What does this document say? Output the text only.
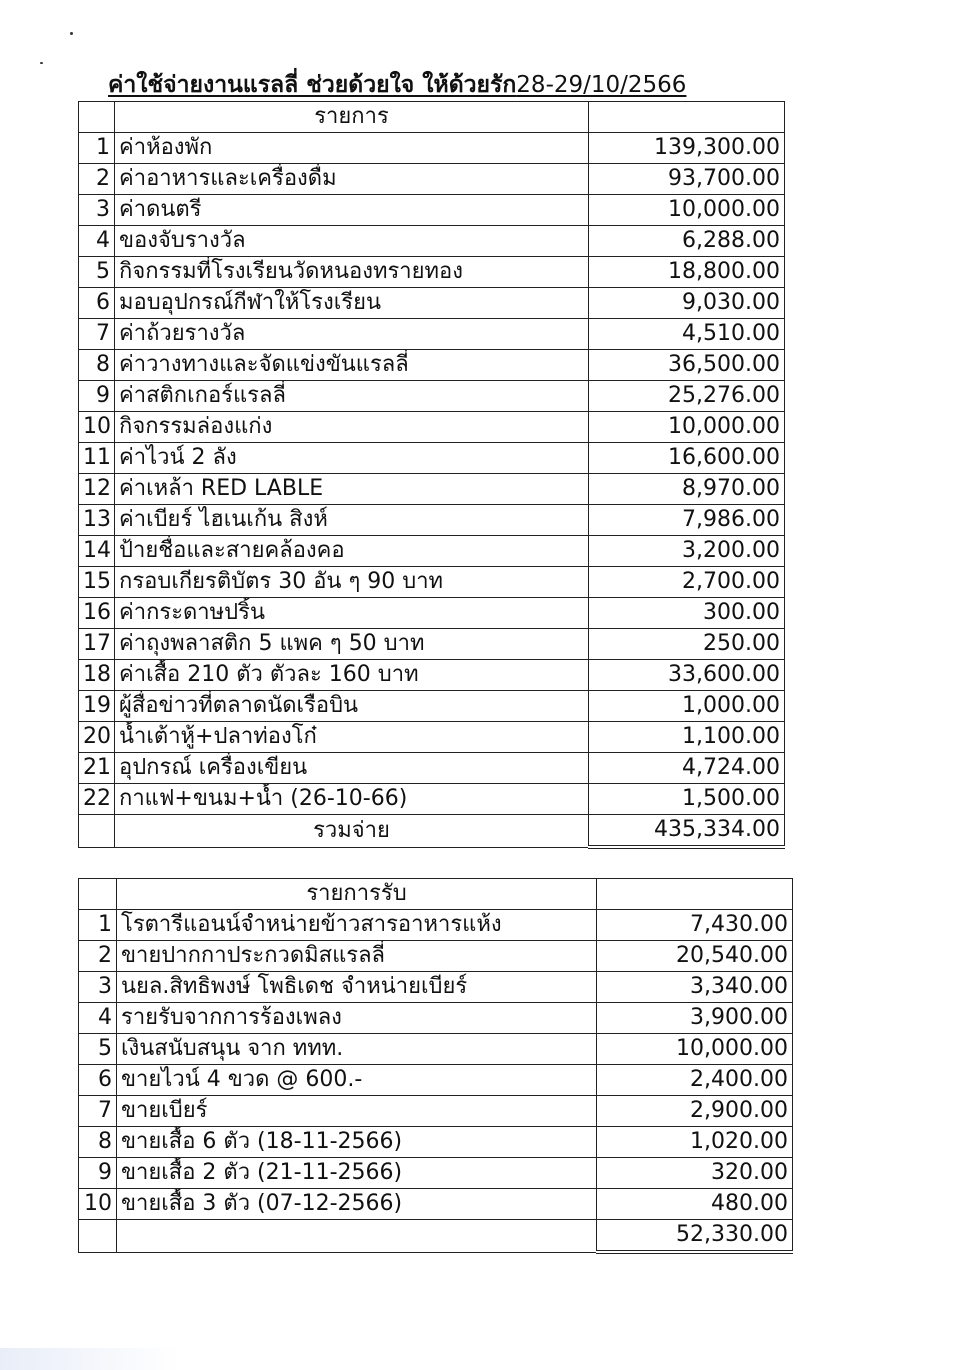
ค่าใช้จ่ายงานแรลลี่ ช่วยด้วยใจ ให้ด้วยรัก28-29/10/2566
	รายการ	
1	ค่าห้องพัก	139,300.00
2	ค่าอาหารและเครื่องดื่ม	93,700.00
3	ค่าดนตรี	10,000.00
4	ของจับรางวัล	6,288.00
5	กิจกรรมที่โรงเรียนวัดหนองทรายทอง	18,800.00
6	มอบอุปกรณ์กีฬาให้โรงเรียน	9,030.00
7	ค่าถ้วยรางวัล	4,510.00
8	ค่าวางทางและจัดแข่งขันแรลลี่	36,500.00
9	ค่าสติกเกอร์แรลลี่	25,276.00
10	กิจกรรมล่องแก่ง	10,000.00
11	ค่าไวน์ 2 ลัง	16,600.00
12	ค่าเหล้า RED LABLE	8,970.00
13	ค่าเบียร์ ไฮเนเก้น สิงห์	7,986.00
14	ป้ายชื่อและสายคล้องคอ	3,200.00
15	กรอบเกียรติบัตร 30 อัน ๆ 90 บาท	2,700.00
16	ค่ากระดาษปริ้น	300.00
17	ค่าถุงพลาสติก 5 แพค ๆ 50 บาท	250.00
18	ค่าเสื้อ 210 ตัว ตัวละ 160 บาท	33,600.00
19	ผู้สื่อข่าวที่ตลาดนัดเรือบิน	1,000.00
20	น้ำเต้าหู้+ปลาท่องโก๋	1,100.00
21	อุปกรณ์ เครื่องเขียน	4,724.00
22	กาแฟ+ขนม+น้ำ (26-10-66)	1,500.00
	รวมจ่าย	435,334.00
	รายการรับ	
1	โรตารีแอนน์จำหน่ายข้าวสารอาหารแห้ง	7,430.00
2	ขายปากกาประกวดมิสแรลลี่	20,540.00
3	นยล.สิทธิพงษ์ โพธิเดช จำหน่ายเบียร์	3,340.00
4	รายรับจากการร้องเพลง	3,900.00
5	เงินสนับสนุน จาก ททท.	10,000.00
6	ขายไวน์ 4 ขวด @ 600.-	2,400.00
7	ขายเบียร์	2,900.00
8	ขายเสื้อ 6 ตัว (18-11-2566)	1,020.00
9	ขายเสื้อ 2 ตัว (21-11-2566)	320.00
10	ขายเสื้อ 3 ตัว (07-12-2566)	480.00
		52,330.00
